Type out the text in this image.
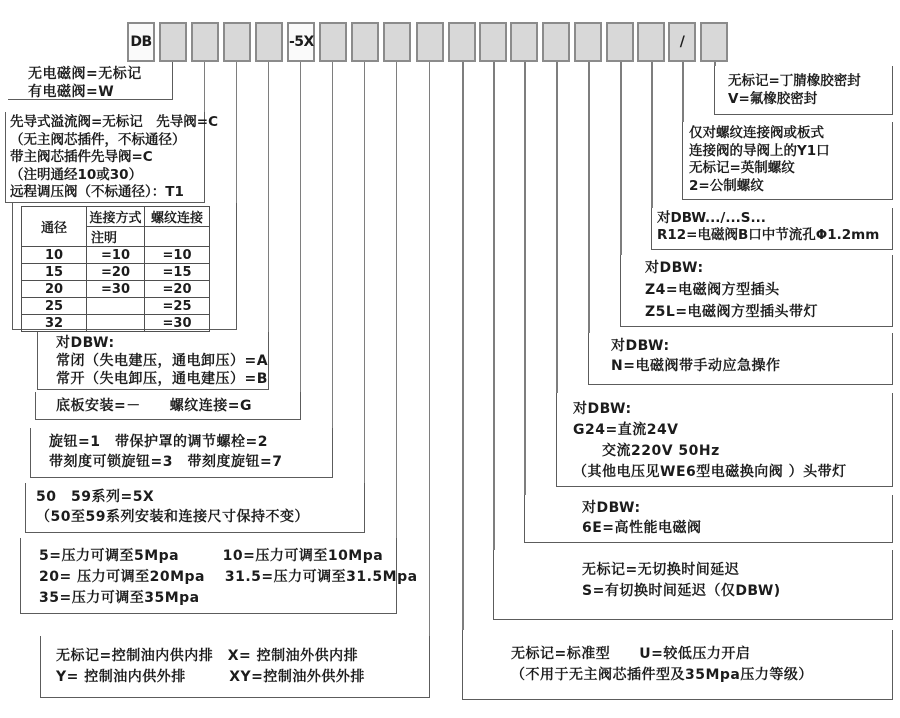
DB	-5X	/
无电磁阀=无标记
有电磁阀=W
先导式溢流阀=无标记　先导阀=C
（无主阀芯插件，不标通径）
带主阀芯插件先导阀=C
（注明通经10或30）
远程调压阀（不标通径）：T1
通径	连接方式	螺纹连接
	注明	
10	=10	=10
15	=20	=15
20	=30	=20
25		=25
32		=30
对DBW:
常闭（失电建压，通电卸压）=A
常开（失电卸压，通电建压）=B
底板安装=－　　螺纹连接=G
旋钮=1　带保护罩的调节螺栓=2
带刻度可锁旋钮=3　带刻度旋钮=7
50　59系列=5X
（50至59系列安装和连接尺寸保持不变）
5=压力可调至5Mpa　　　10=压力可调至10Mpa
20= 压力可调至20Mpa　 31.5=压力可调至31.5Mpa
35=压力可调至35Mpa
无标记=控制油内供内排　X= 控制油外供内排
Y= 控制油内供外排　　　XY=控制油外供外排
无标记=丁腈橡胶密封
V=氟橡胶密封
仅对螺纹连接阀或板式
连接阀的导阀上的Y1口
无标记=英制螺纹
2=公制螺纹
对DBW.../...S...
R12=电磁阀B口中节流孔Φ1.2mm
对DBW:
Z4=电磁阀方型插头
Z5L=电磁阀方型插头带灯
对DBW:
N=电磁阀带手动应急操作
对DBW:
G24=直流24V
　　交流220V 50Hz
（其他电压见WE6型电磁换向阀 ）头带灯
对DBW:
6E=高性能电磁阀
无标记=无切换时间延迟
S=有切换时间延迟（仅DBW)
无标记=标准型　　U=较低压力开启
（不用于无主阀芯插件型及35Mpa压力等级）
